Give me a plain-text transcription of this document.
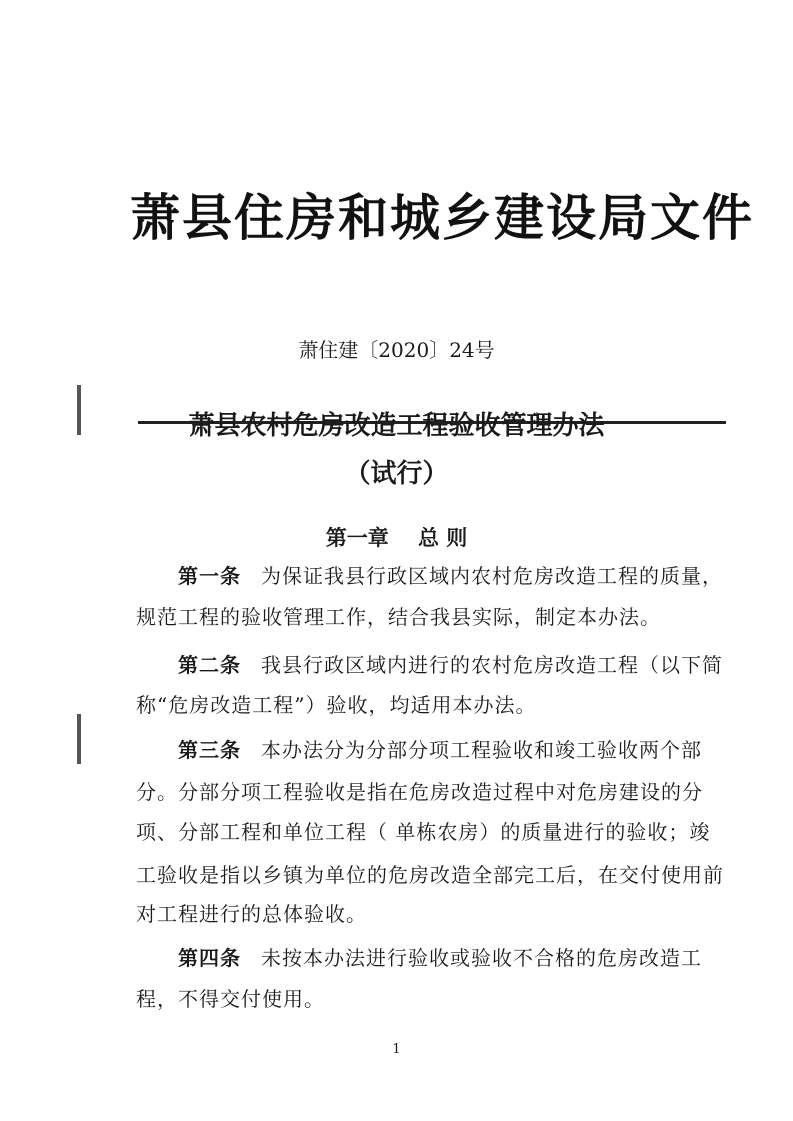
萧县住房和城乡建设局文件
萧住建〔2020〕24号
萧县农村危房改造工程验收管理办法
（试行）
第一章    总 则
第一条 为保证我县行政区域内农村危房改造工程的质量，
规范工程的验收管理工作，结合我县实际，制定本办法。
第二条 我县行政区域内进行的农村危房改造工程（以下简
称“危房改造工程”）验收，均适用本办法。
第三条 本办法分为分部分项工程验收和竣工验收两个部
分。分部分项工程验收是指在危房改造过程中对危房建设的分
项、分部工程和单位工程（ 单栋农房）的质量进行的验收；竣
工验收是指以乡镇为单位的危房改造全部完工后，在交付使用前
对工程进行的总体验收。
第四条 未按本办法进行验收或验收不合格的危房改造工
程，不得交付使用。
1
